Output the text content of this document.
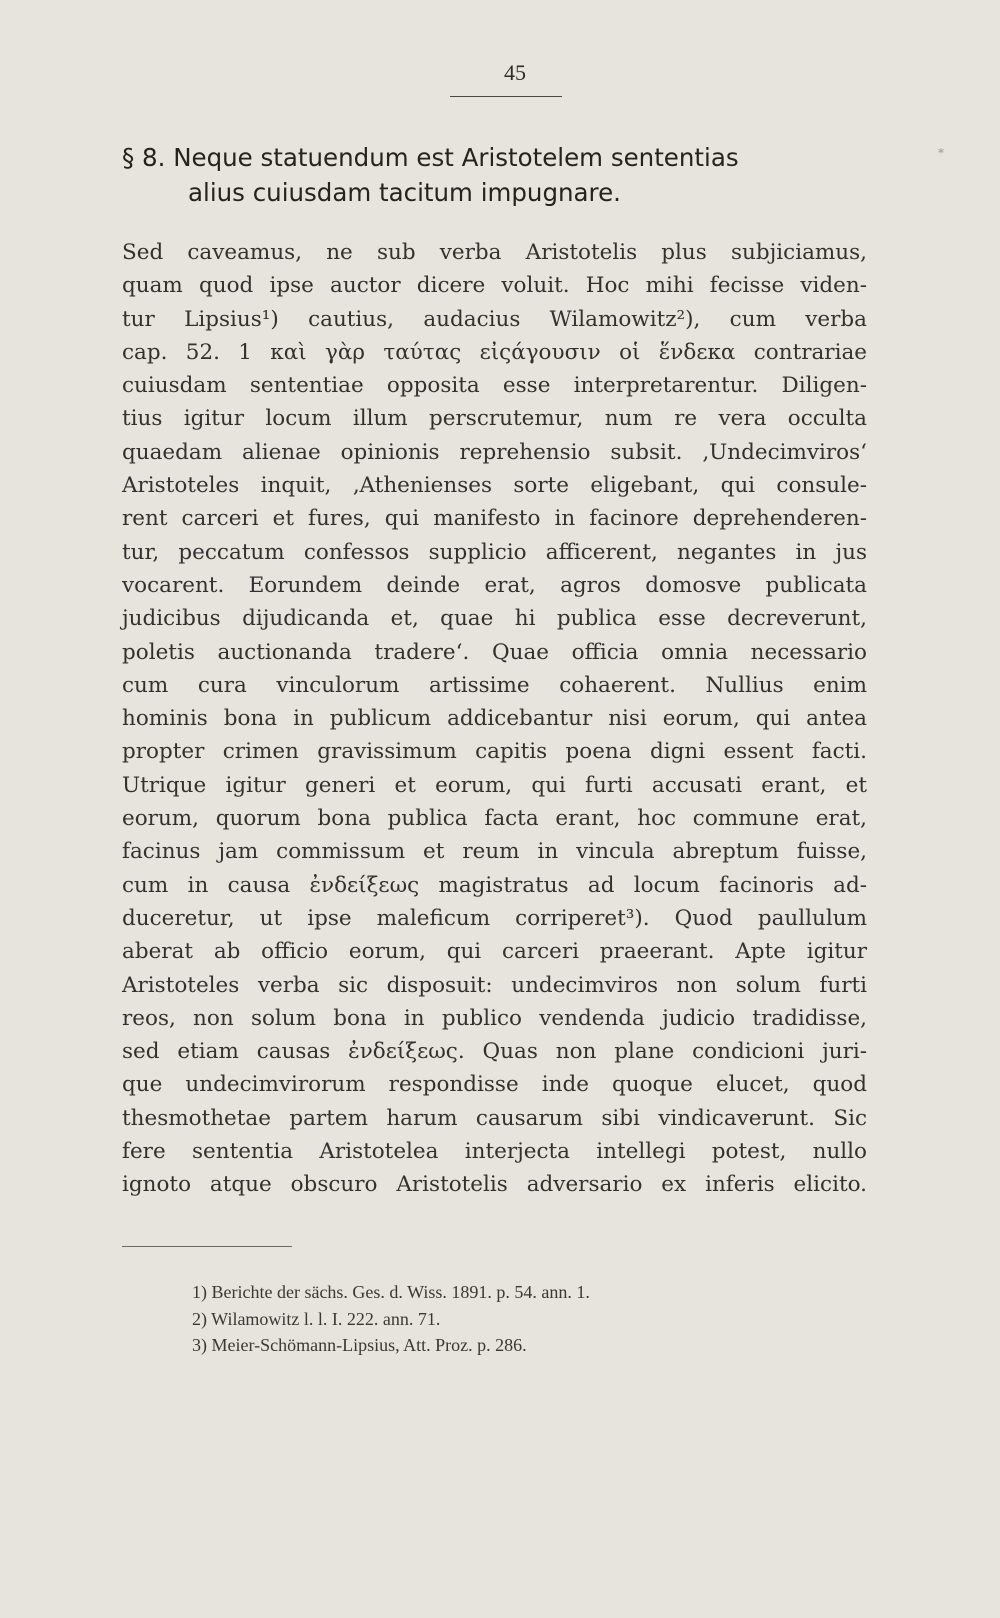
45
*
§ 8. Neque statuendum est Aristotelem sententias
alius cuiusdam tacitum impugnare.
Sed caveamus, ne sub verba Aristotelis plus subjiciamus,
quam quod ipse auctor dicere voluit. Hoc mihi fecisse viden-
tur Lipsius¹) cautius, audacius Wilamowitz²), cum verba
cap. 52. 1 καὶ γὰρ ταύτας εἰςάγουσιν οἱ ἕνδεκα contrariae
cuiusdam sententiae opposita esse interpretarentur. Diligen-
tius igitur locum illum perscrutemur, num re vera occulta
quaedam alienae opinionis reprehensio subsit. ‚Undecimviros‘
Aristoteles inquit, ‚Athenienses sorte eligebant, qui consule-
rent carceri et fures, qui manifesto in facinore deprehenderen-
tur, peccatum confessos supplicio afficerent, negantes in jus
vocarent. Eorundem deinde erat, agros domosve publicata
judicibus dijudicanda et, quae hi publica esse decreverunt,
poletis auctionanda tradere‘. Quae officia omnia necessario
cum cura vinculorum artissime cohaerent. Nullius enim
hominis bona in publicum addicebantur nisi eorum, qui antea
propter crimen gravissimum capitis poena digni essent facti.
Utrique igitur generi et eorum, qui furti accusati erant, et
eorum, quorum bona publica facta erant, hoc commune erat,
facinus jam commissum et reum in vincula abreptum fuisse,
cum in causa ἐνδείξεως magistratus ad locum facinoris ad-
duceretur, ut ipse maleficum corriperet³). Quod paullulum
aberat ab officio eorum, qui carceri praeerant. Apte igitur
Aristoteles verba sic disposuit: undecimviros non solum furti
reos, non solum bona in publico vendenda judicio tradidisse,
sed etiam causas ἐνδείξεως. Quas non plane condicioni juri-
que undecimvirorum respondisse inde quoque elucet, quod
thesmothetae partem harum causarum sibi vindicaverunt. Sic
fere sententia Aristotelea interjecta intellegi potest, nullo
ignoto atque obscuro Aristotelis adversario ex inferis elicito.
1) Berichte der sächs. Ges. d. Wiss. 1891. p. 54. ann. 1.
2) Wilamowitz l. l. I. 222. ann. 71.
3) Meier-Schömann-Lipsius, Att. Proz. p. 286.
